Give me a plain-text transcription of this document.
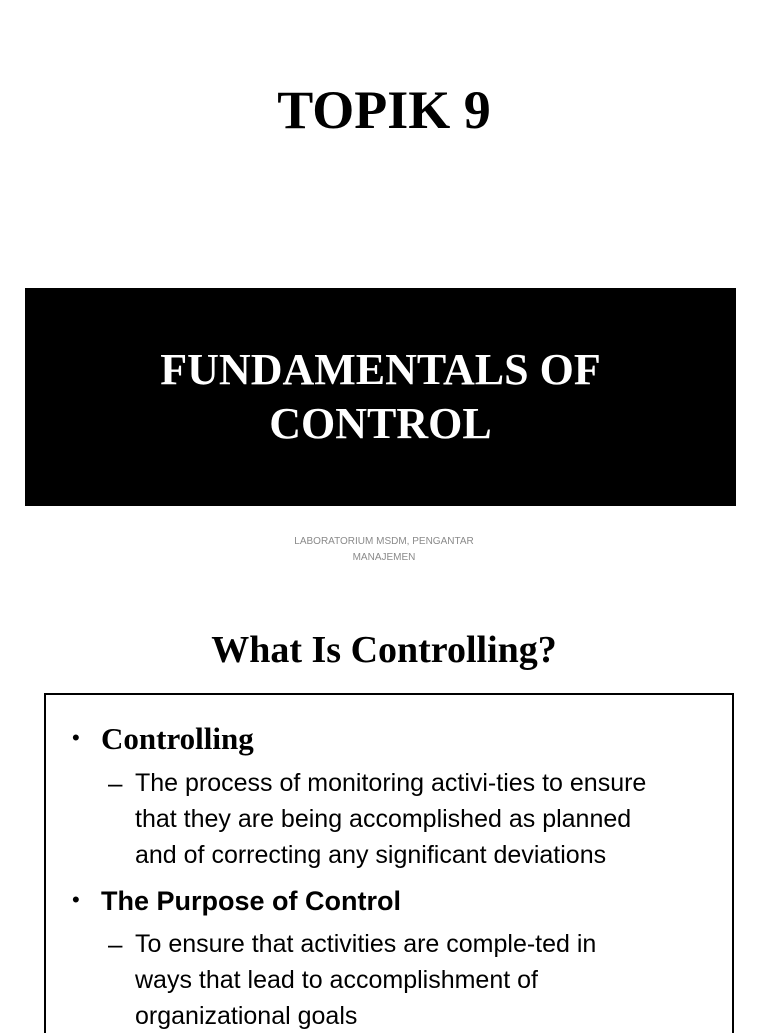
TOPIK 9
FUNDAMENTALS OF
CONTROL
LABORATORIUM MSDM, PENGANTAR
MANAJEMEN
What Is Controlling?
• Controlling
– The process of monitoring activi-ties to ensure
that they are being accomplished as planned
and of correcting any significant deviations
• The Purpose of Control
– To ensure that activities are comple-ted in
ways that lead to accomplishment of
organizational goals
